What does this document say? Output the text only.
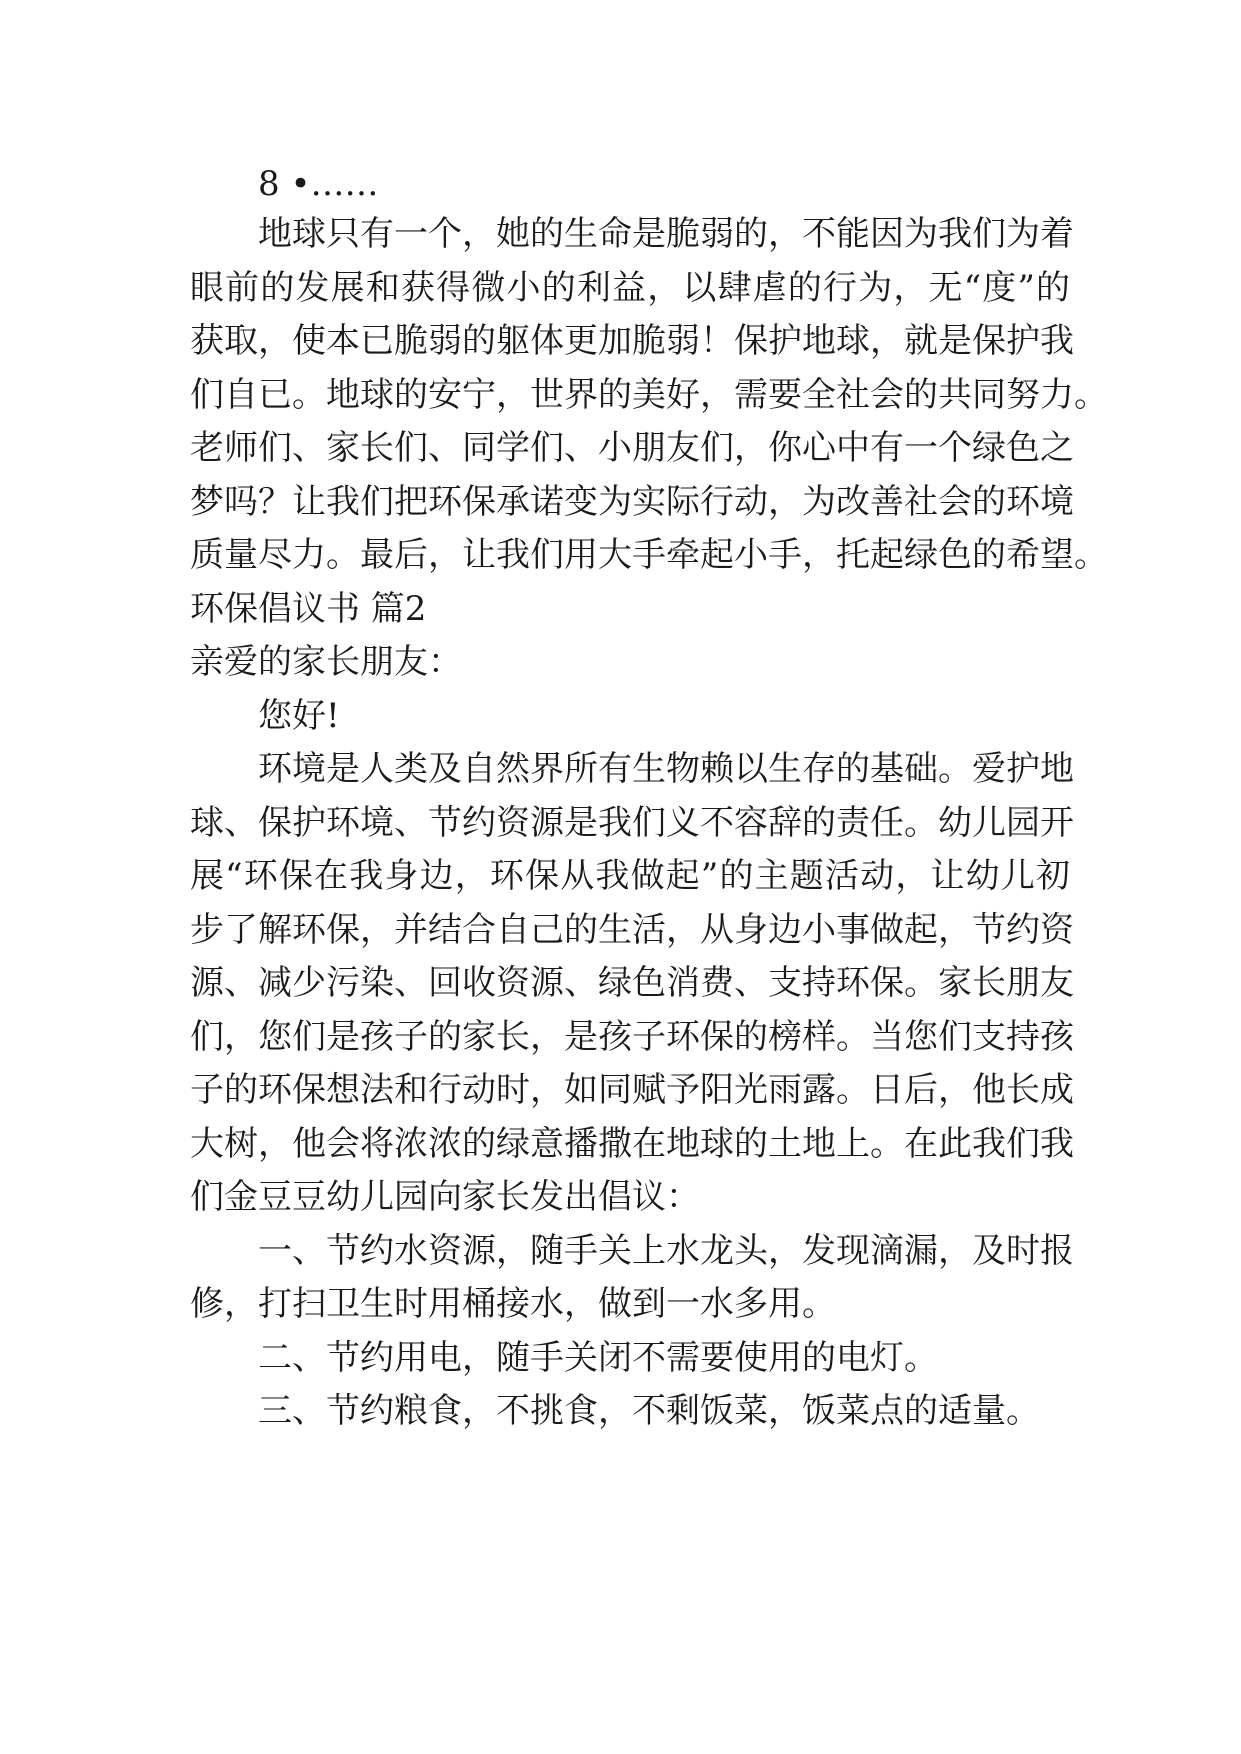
8 •……
地球只有一个，她的生命是脆弱的，不能因为我们为着
眼前的发展和获得微小的利益，以肆虐的行为，无“度”的
获取，使本已脆弱的躯体更加脆弱！保护地球，就是保护我
们自已。地球的安宁，世界的美好，需要全社会的共同努力。
老师们、家长们、同学们、小朋友们，你心中有一个绿色之
梦吗？让我们把环保承诺变为实际行动，为改善社会的环境
质量尽力。最后，让我们用大手牵起小手，托起绿色的希望。
环保倡议书 篇2
亲爱的家长朋友：
您好!
环境是人类及自然界所有生物赖以生存的基础。爱护地
球、保护环境、节约资源是我们义不容辞的责任。幼儿园开
展“环保在我身边，环保从我做起”的主题活动，让幼儿初
步了解环保，并结合自己的生活，从身边小事做起，节约资
源、减少污染、回收资源、绿色消费、支持环保。家长朋友
们，您们是孩子的家长，是孩子环保的榜样。当您们支持孩
子的环保想法和行动时，如同赋予阳光雨露。日后，他长成
大树，他会将浓浓的绿意播撒在地球的土地上。在此我们我
们金豆豆幼儿园向家长发出倡议：
一、节约水资源，随手关上水龙头，发现滴漏，及时报
修，打扫卫生时用桶接水，做到一水多用。
二、节约用电，随手关闭不需要使用的电灯。
三、节约粮食，不挑食，不剩饭菜，饭菜点的适量。
